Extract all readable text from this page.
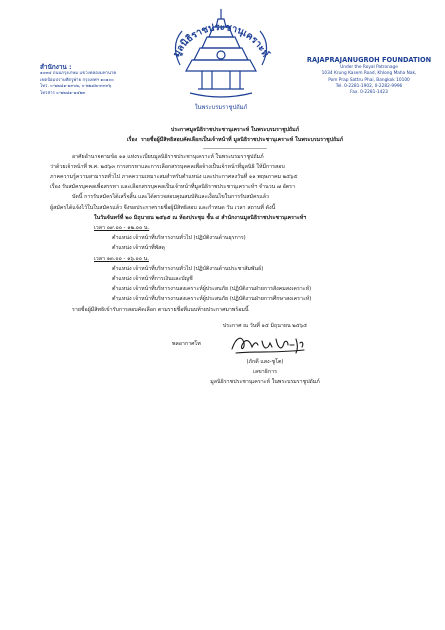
สำนักงาน :
๑๐๓๔ ถนนกรุงเกษม แขวงคลองมหานาค
เขตป้อมปราบศัตรูพ่าย กรุงเทพฯ ๑๐๑๐๐
โทร. ๐-๒๒๘๑-๑๙๐๒, ๐-๒๒๘๒-๙๙๙๖
โทรสาร ๐-๒๒๘๑-๑๔๒๓
มูลนิธิราชประชานุเคราะห์
ในพระบรมราชูปถัมภ์
RAJAPRAJANUGROH FOUNDATION
Under the Royal Patronage
1034 Krung Kasem Road, Khlong Maha Nak,
Pom Prap Sattru Phai, Bangkok 10100
Tel. 0-2281-1902, 0-2282-9996
Fax. 0-2281-1423
ประกาศมูลนิธิราชประชานุเคราะห์ ในพระบรมราชูปถัมภ์
เรื่อง รายชื่อผู้มีสิทธิสอบคัดเลือกเป็นเจ้าหน้าที่ มูลนิธิราชประชานุเคราะห์ ในพระบรมราชูปถัมภ์
________________________
อาศัยอำนาจตามข้อ ๑๑ แห่งระเบียบมูลนิธิราชประชานุเคราะห์ ในพระบรมราชูปถัมภ์
ว่าด้วยเจ้าหน้าที่ พ.ศ. ๒๕๖๓ การสรรหาและการเลือกสรรบุคคลเพื่อจ้างเป็นเจ้าหน้าที่มูลนิธิ ให้มีการสอบ
ภาคความรู้ความสามารถทั่วไป ภาคความเหมาะสมสำหรับตำแหน่ง และประกาศลงวันที่ ๑๑ พฤษภาคม ๒๕๖๕
เรื่อง รับสมัครบุคคลเพื่อสรรหา และเลือกสรรบุคคลเป็นเจ้าหน้าที่มูลนิธิราชประชานุเคราะห์ฯ จำนวน ๗ อัตรา
บัดนี้ การรับสมัครได้เสร็จสิ้น และได้ตรวจสอบคุณสมบัติและเงื่อนไขในการรับสมัครแล้ว
ผู้สมัครได้แจ้งไว้ในใบสมัครแล้ว จึงขอประกาศรายชื่อผู้มีสิทธิสอบ และกำหนด วัน เวลา สถานที่ ดังนี้
ในวันจันทร์ที่ ๒๐ มิถุนายน ๒๕๖๕ ณ ห้องประชุม ชั้น ๔ สำนักงานมูลนิธิราชประชานุเคราะห์ฯ
เวลา ๐๙.๐๐ - ๑๒.๐๐ น.
ตำแหน่ง เจ้าหน้าที่บริหารงานทั่วไป (ปฏิบัติงานด้านธุรการ)
ตำแหน่ง เจ้าหน้าที่พัสดุ
เวลา ๑๓.๐๐ - ๑๖.๐๐ น.
ตำแหน่ง เจ้าหน้าที่บริหารงานทั่วไป (ปฏิบัติงานด้านประชาสัมพันธ์)
ตำแหน่ง เจ้าหน้าที่การเงินและบัญชี
ตำแหน่ง เจ้าหน้าที่บริหารงานสงเคราะห์ผู้ประสบภัย (ปฏิบัติงานฝ่ายการสังคมสงเคราะห์)
ตำแหน่ง เจ้าหน้าที่บริหารงานสงเคราะห์ผู้ประสบภัย (ปฏิบัติงานฝ่ายการศึกษาสงเคราะห์)
รายชื่อผู้มีสิทธิเข้ารับการสอบคัดเลือก ตามรายชื่อที่แนบท้ายประกาศมาพร้อมนี้
ประกาศ ณ วันที่ ๑๕ มิถุนายน ๒๕๖๕
พลอากาศโท
(ภักดี แสง-ชูโต)
เลขาธิการ
มูลนิธิราชประชานุเคราะห์ ในพระบรมราชูปถัมภ์
